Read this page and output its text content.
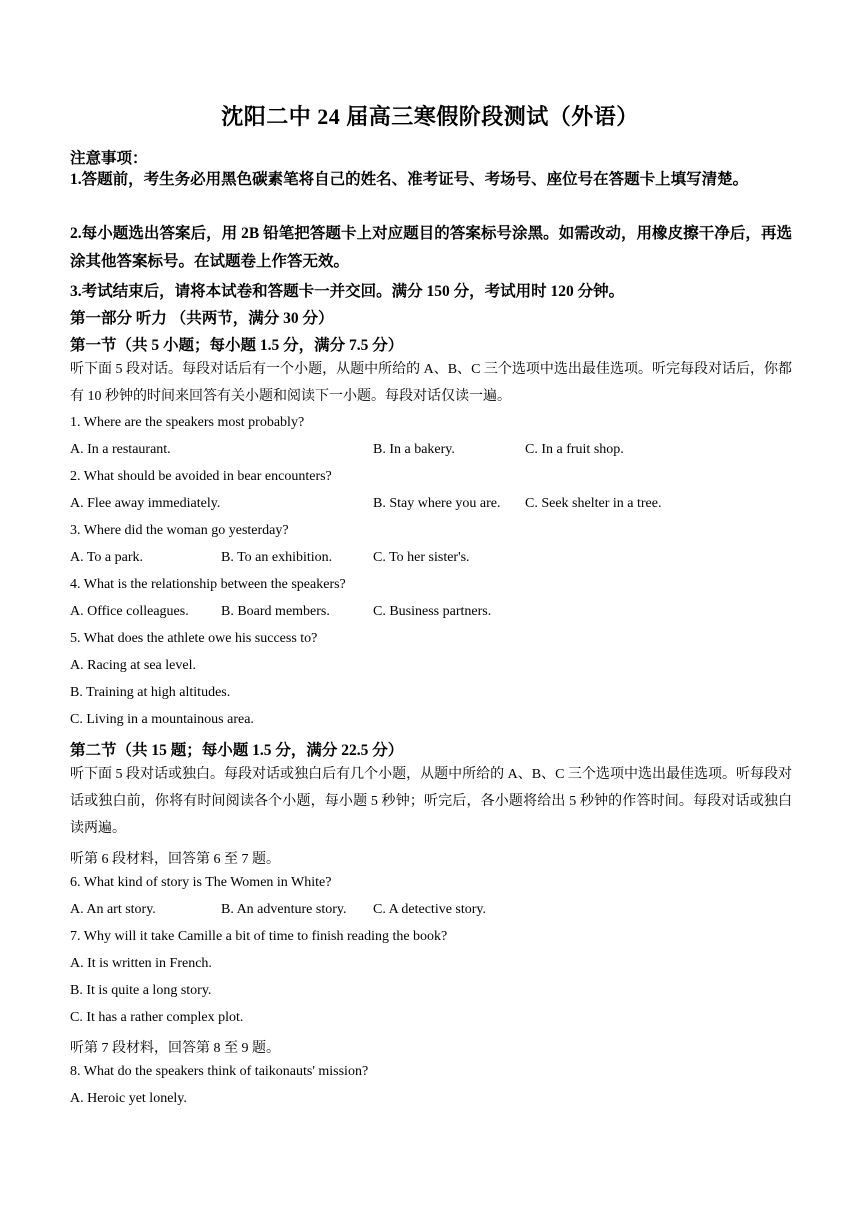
沈阳二中 24 届高三寒假阶段测试（外语）
注意事项：
1.答题前，考生务必用黑色碳素笔将自己的姓名、准考证号、考场号、座位号在答题卡上填写清楚。
2.每小题选出答案后，用 2B 铅笔把答题卡上对应题目的答案标号涂黑。如需改动，用橡皮擦干净后，再选涂其他答案标号。在试题卷上作答无效。
3.考试结束后，请将本试卷和答题卡一并交回。满分 150 分，考试用时 120 分钟。
第一部分 听力 （共两节，满分 30 分）
第一节（共 5 小题；每小题 1.5 分，满分 7.5 分）
听下面 5 段对话。每段对话后有一个小题，从题中所给的 A、B、C 三个选项中选出最佳选项。听完每段对话后，你都有 10 秒钟的时间来回答有关小题和阅读下一小题。每段对话仅读一遍。
1. Where are the speakers most probably?
A. In a restaurant.	B. In a bakery.	C. In a fruit shop.
2. What should be avoided in bear encounters?
A. Flee away immediately.	B. Stay where you are. C. Seek shelter in a tree.
3. Where did the woman go yesterday?
A. To a park.	B. To an exhibition.	C. To her sister's.
4. What is the relationship between the speakers?
A. Office colleagues. B. Board members.	C. Business partners.
5. What does the athlete owe his success to?
A. Racing at sea level.
B. Training at high altitudes.
C. Living in a mountainous area.
第二节（共 15 题；每小题 1.5 分，满分 22.5 分）
听下面 5 段对话或独白。每段对话或独白后有几个小题，从题中所给的 A、B、C 三个选项中选出最佳选项。听每段对话或独白前，你将有时间阅读各个小题，每小题 5 秒钟；听完后，各小题将给出 5 秒钟的作答时间。每段对话或独白读两遍。
听第 6 段材料，回答第 6 至 7 题。
6. What kind of story is The Women in White?
A. An art story.	B. An adventure story. C. A detective story.
7. Why will it take Camille a bit of time to finish reading the book?
A. It is written in French.
B. It is quite a long story.
C. It has a rather complex plot.
听第 7 段材料，回答第 8 至 9 题。
8. What do the speakers think of taikonauts' mission?
A. Heroic yet lonely.
